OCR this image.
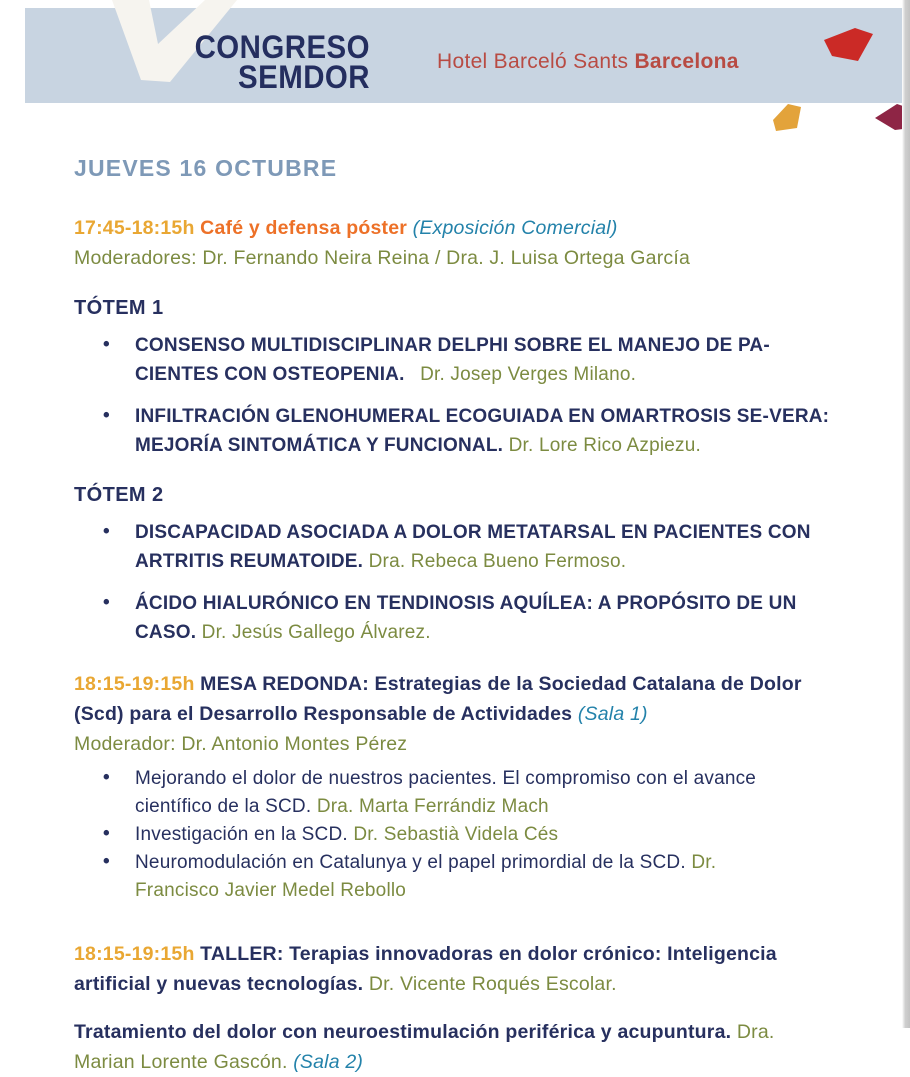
CONGRESO
SEMDOR	Hotel Barceló Sants Barcelona
JUEVES 16 OCTUBRE

17:45-18:15h Café y defensa póster (Exposición Comercial)

Moderadores: Dr. Fernando Neira Reina / Dra. J. Luisa Ortega García

TÓTEM 1
• CONSENSO MULTIDISCIPLINAR DELPHI SOBRE EL MANEJO DE PA-CIENTES CON OSTEOPENIA. Dr. Josep Verges Milano.
• INFILTRACIÓN GLENOHUMERAL ECOGUIADA EN OMARTROSIS SE-VERA: MEJORÍA SINTOMÁTICA Y FUNCIONAL. Dr. Lore Rico Azpiezu.
TÓTEM 2
• DISCAPACIDAD ASOCIADA A DOLOR METATARSAL EN PACIENTES CON ARTRITIS REUMATOIDE. Dra. Rebeca Bueno Fermoso.
• ÁCIDO HIALURÓNICO EN TENDINOSIS AQUÍLEA: A PROPÓSITO DE UN CASO. Dr. Jesús Gallego Álvarez.

18:15-19:15h MESA REDONDA: Estrategias de la Sociedad Catalana de Dolor (Scd) para el Desarrollo Responsable de Actividades (Sala 1)

Moderador: Dr. Antonio Montes Pérez

• Mejorando el dolor de nuestros pacientes. El compromiso con el avance científico de la SCD. Dra. Marta Ferrándiz Mach
• Investigación en la SCD. Dr. Sebastià Videla Cés
• Neuromodulación en Catalunya y el papel primordial de la SCD. Dr. Francisco Javier Medel Rebollo

18:15-19:15h TALLER: Terapias innovadoras en dolor crónico: Inteligencia artificial y nuevas tecnologías. Dr. Vicente Roqués Escolar.

Tratamiento del dolor con neuroestimulación periférica y acupuntura. Dra. Marian Lorente Gascón. (Sala 2)
